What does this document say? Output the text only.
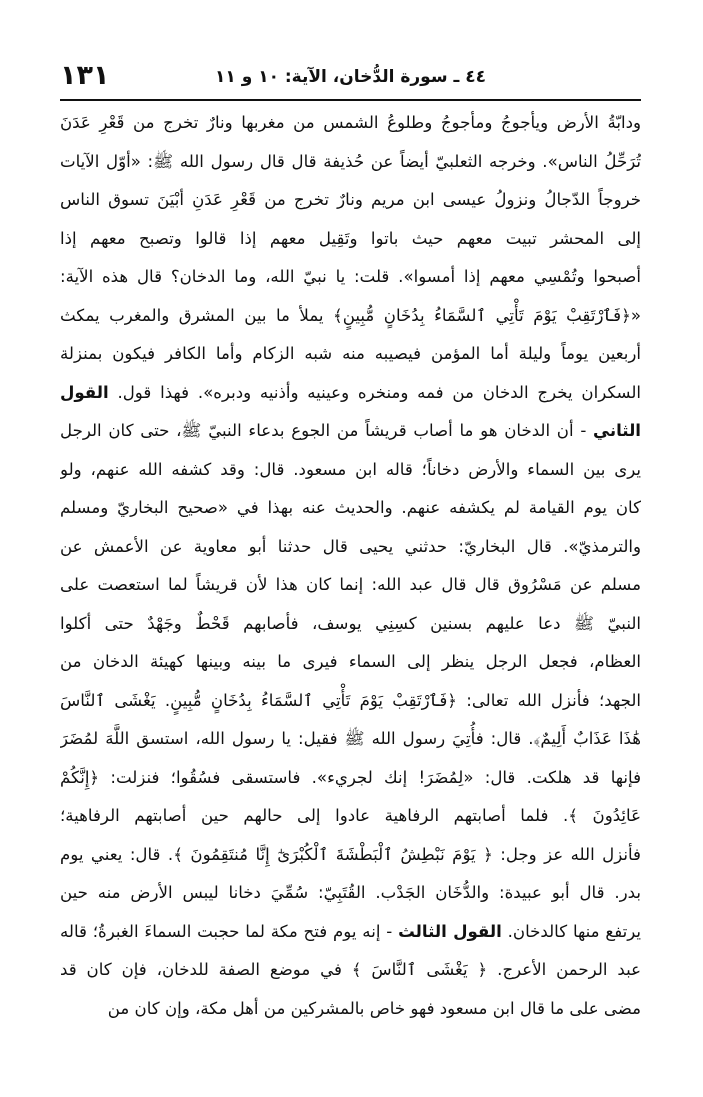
١٣١	٤٤ ـ سورة الدُّخان، الآية: ١٠ و ١١
ودابّةُ الأرض ويأجوجُ ومأجوجُ وطلوعُ الشمس من مغربها ونارٌ تخرج من قَعْرِ عَدَنَ
تُرَحِّلُ الناس». وخرجه الثعلبيّ أيضاً عن حُذيفة قال قال رسول الله ﷺ: «أوّل الآيات
خروجاً الدّجالُ ونزولُ عيسى ابن مريم ونارٌ تخرج من قَعْرِ عَدَنِ أبْيَنَ تسوق الناس
إلى المحشر تبيت معهم حيث باتوا وتَقِيل معهم إذا قالوا وتصبح معهم إذا
أصبحوا وتُمْسِي معهم إذا أمسوا». قلت: يا نبيّ الله، وما الدخان؟ قال هذه الآية:
«﴿فَٱرْتَقِبْ يَوْمَ تَأْتِي ٱلسَّمَاءُ بِدُخَانٍ مُّبِينٍ﴾ يملأ ما بين المشرق والمغرب يمكث
أربعين يوماً وليلة أما المؤمن فيصيبه منه شبه الزكام وأما الكافر فيكون بمنزلة
السكران يخرج الدخان من فمه ومنخره وعينيه وأذنيه ودبره». فهذا قول. القول
الثاني - أن الدخان هو ما أصاب قريشاً من الجوع بدعاء النبيّ ﷺ، حتى كان الرجل
يرى بين السماء والأرض دخاناً؛ قاله ابن مسعود. قال: وقد كشفه الله عنهم، ولو
كان يوم القيامة لم يكشفه عنهم. والحديث عنه بهذا في «صحيح البخاريّ ومسلم
والترمذيّ». قال البخاريّ: حدثني يحيى قال حدثنا أبو معاوية عن الأعمش عن
مسلم عن مَسْرُوق قال قال عبد الله: إنما كان هذا لأن قريشاً لما استعصت على
النبيّ ﷺ دعا عليهم بسنين كسِنِي يوسف، فأصابهم قَحْطٌ وجَهْدٌ حتى أكلوا
العظام، فجعل الرجل ينظر إلى السماء فيرى ما بينه وبينها كهيئة الدخان من
الجهد؛ فأنزل الله تعالى: ﴿فَٱرْتَقِبْ يَوْمَ تَأْتِي ٱلسَّمَاءُ بِدُخَانٍ مُّبِينٍ. يَغْشَى ٱلنَّاسَ
هَٰذَا عَذَابٌ أَلِيمٌ﴾. قال: فأُتِيَ رسول الله ﷺ فقيل: يا رسول الله، استسق اللَّهَ لمُضَرَ
فإنها قد هلكت. قال: «لِمُضَرَ! إنك لجريء». فاستسقى فسُقُوا؛ فنزلت: ﴿إِنَّكُمْ
عَائِدُونَ ﴾. فلما أصابتهم الرفاهية عادوا إلى حالهم حين أصابتهم الرفاهية؛
فأنزل الله عز وجل: ﴿ يَوْمَ نَبْطِشُ ٱلْبَطْشَةَ ٱلْكُبْرَىٰٓ إِنَّا مُنتَقِمُونَ ﴾. قال: يعني يوم
بدر. قال أبو عبيدة: والدُّخَان الجَدْب. القُتَبِيّ: سُمِّيَ دخانا ليبس الأرض منه حين
يرتفع منها كالدخان. القول الثالث - إنه يوم فتح مكة لما حجبت السماءَ الغبرةُ؛ قاله
عبد الرحمن الأعرج. ﴿ يَغْشَى ٱلنَّاسَ ﴾ في موضع الصفة للدخان، فإن كان قد
مضى على ما قال ابن مسعود فهو خاص بالمشركين من أهل مكة، وإن كان من
